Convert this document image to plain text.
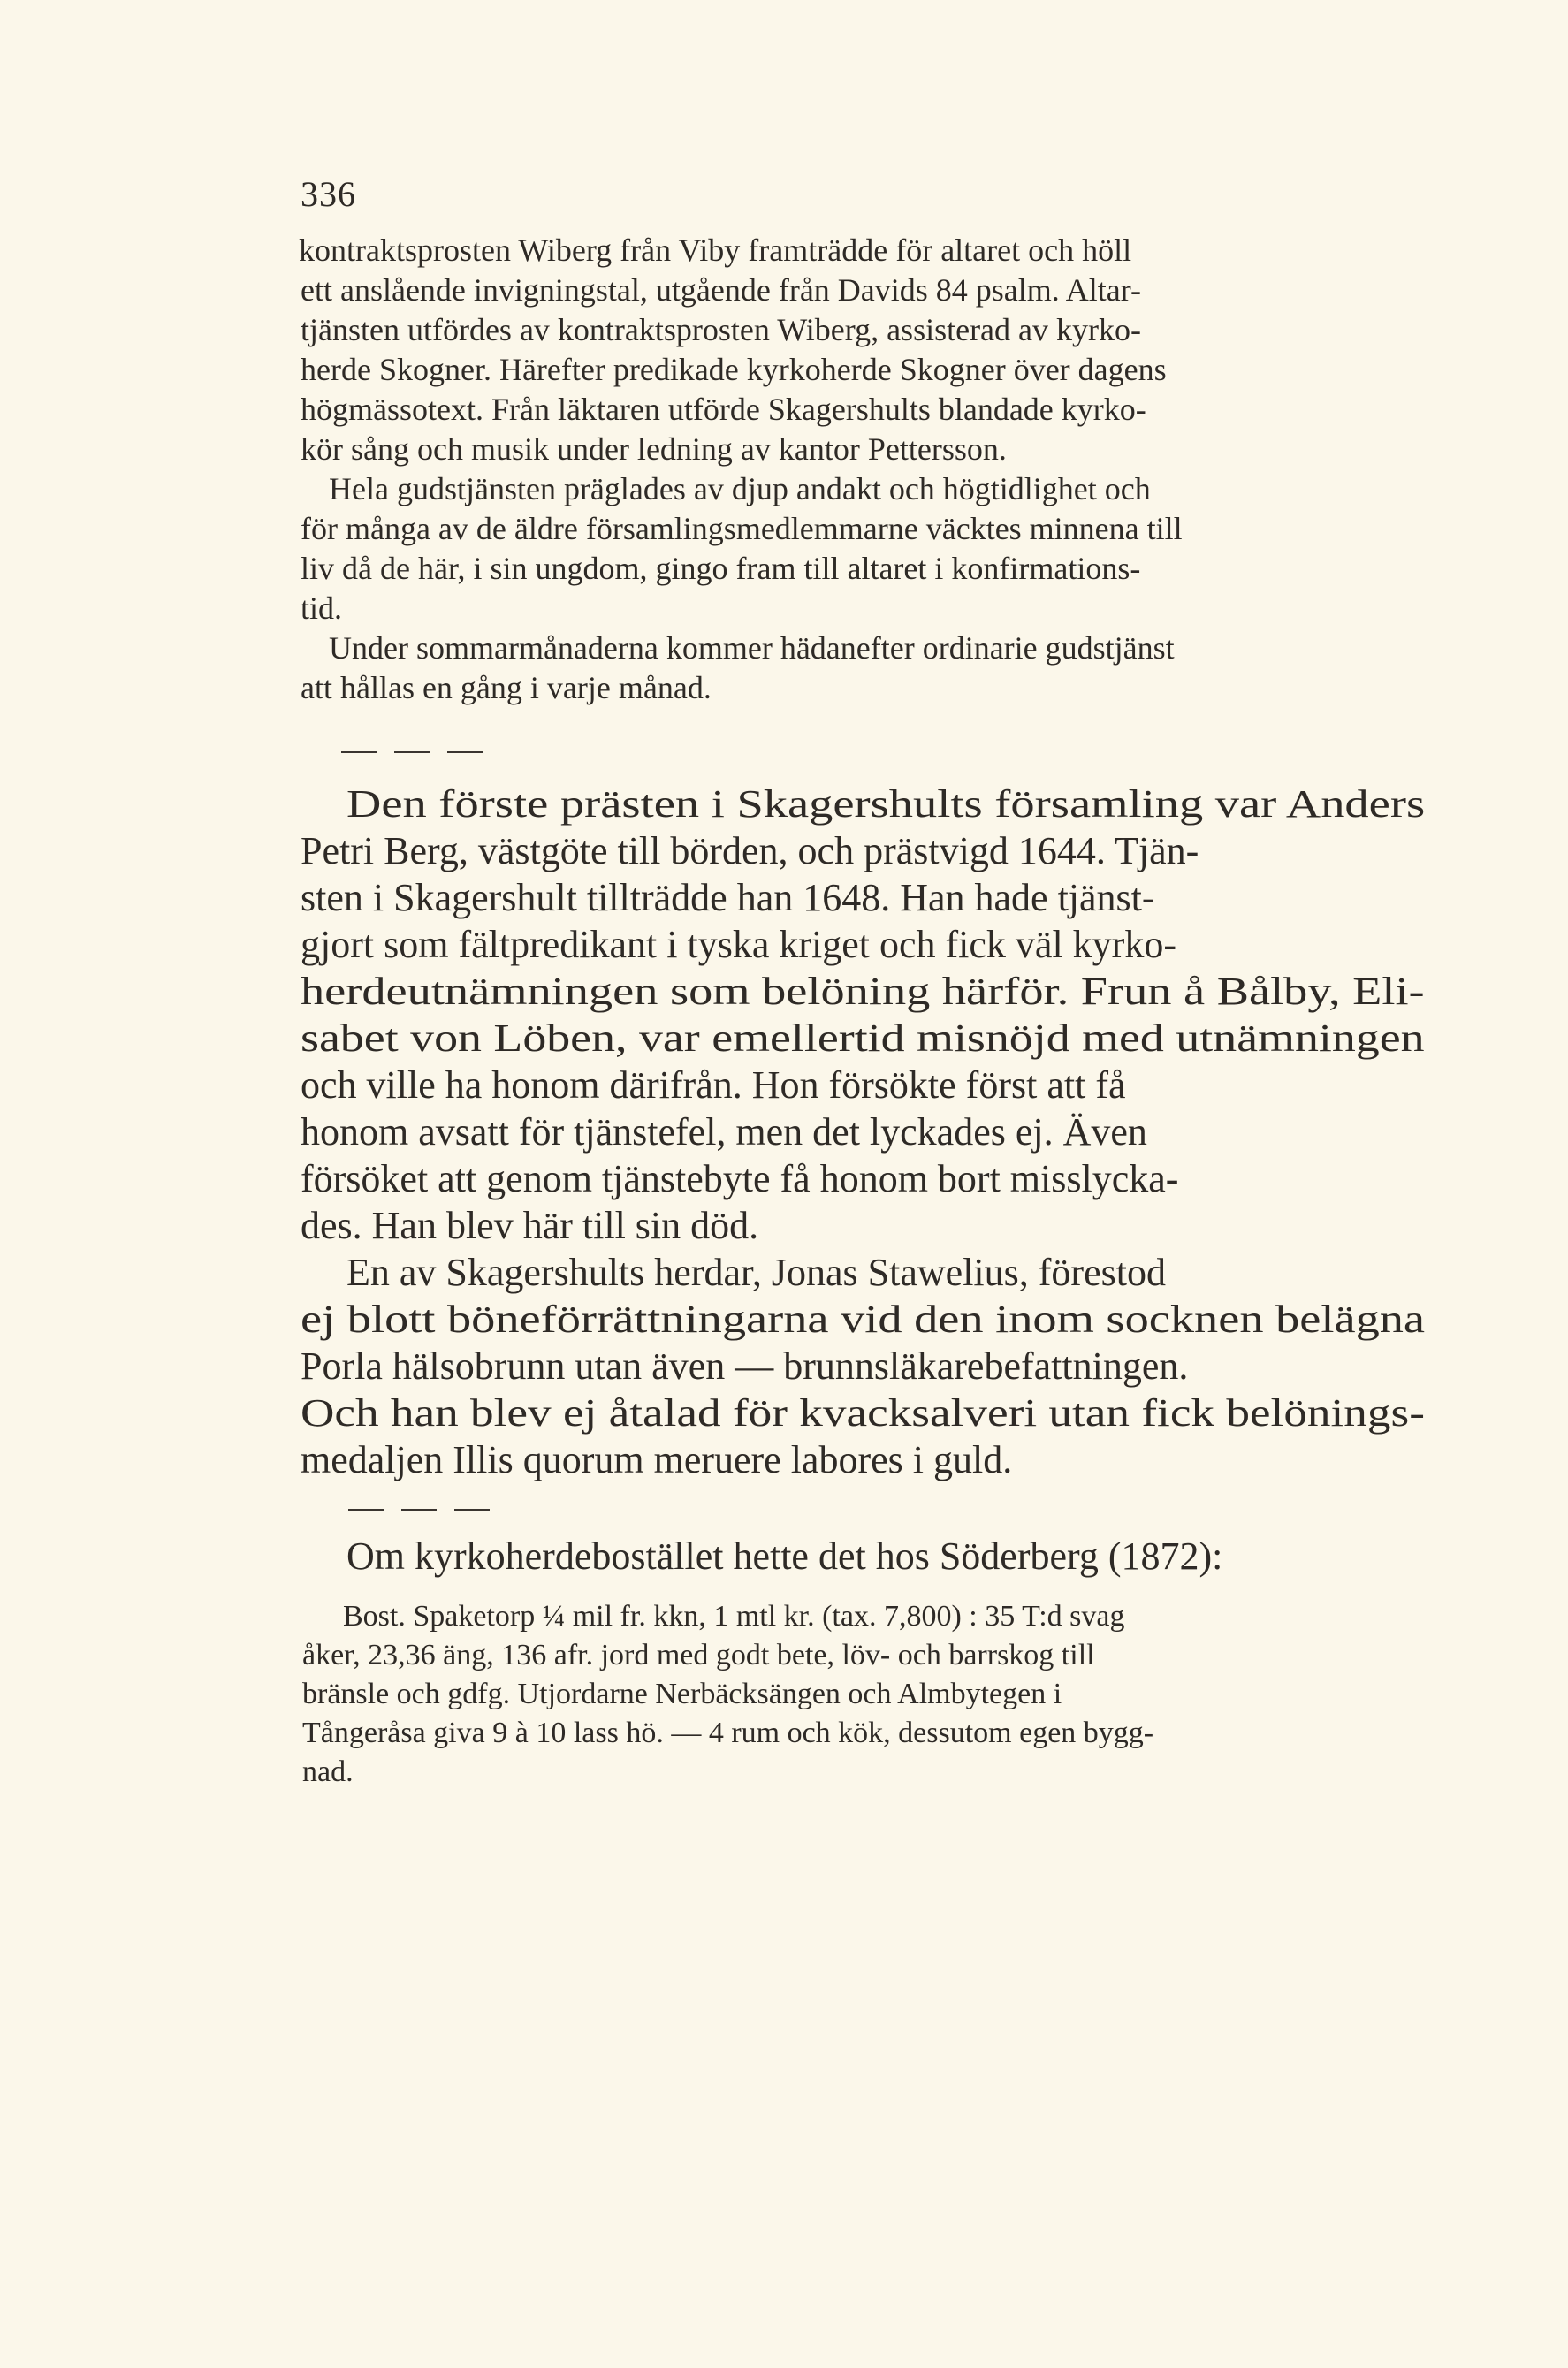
336
kontraktsprosten Wiberg från Viby framträdde för altaret och höll
ett anslående invigningstal, utgående från Davids 84 psalm. Altar-
tjänsten utfördes av kontraktsprosten Wiberg, assisterad av kyrko-
herde Skogner. Härefter predikade kyrkoherde Skogner över dagens
högmässotext. Från läktaren utförde Skagershults blandade kyrko-
kör sång och musik under ledning av kantor Pettersson.
Hela gudstjänsten präglades av djup andakt och högtidlighet och
för många av de äldre församlingsmedlemmarne väcktes minnena till
liv då de här, i sin ungdom, gingo fram till altaret i konfirmations-
tid.
Under sommarmånaderna kommer hädanefter ordinarie gudstjänst
att hållas en gång i varje månad.
Den förste prästen i Skagershults församling var Anders
Petri Berg, västgöte till börden, och prästvigd 1644. Tjän-
sten i Skagershult tillträdde han 1648. Han hade tjänst-
gjort som fältpredikant i tyska kriget och fick väl kyrko-
herdeutnämningen som belöning härför. Frun å Bålby, Eli-
sabet von Löben, var emellertid misnöjd med utnämningen
och ville ha honom därifrån. Hon försökte först att få
honom avsatt för tjänstefel, men det lyckades ej. Även
försöket att genom tjänstebyte få honom bort misslycka-
des. Han blev här till sin död.
En av Skagershults herdar, Jonas Stawelius, förestod
ej blott böneförrättningarna vid den inom socknen belägna
Porla hälsobrunn utan även — brunnsläkarebefattningen.
Och han blev ej åtalad för kvacksalveri utan fick belönings-
medaljen Illis quorum meruere labores i guld.
Om kyrkoherdebostället hette det hos Söderberg (1872):
Bost. Spaketorp ¼ mil fr. kkn, 1 mtl kr. (tax. 7,800) : 35 T:d svag
åker, 23,36 äng, 136 afr. jord med godt bete, löv- och barrskog till
bränsle och gdfg. Utjordarne Nerbäcksängen och Almbytegen i
Tångeråsa giva 9 à 10 lass hö. — 4 rum och kök, dessutom egen bygg-
nad.
